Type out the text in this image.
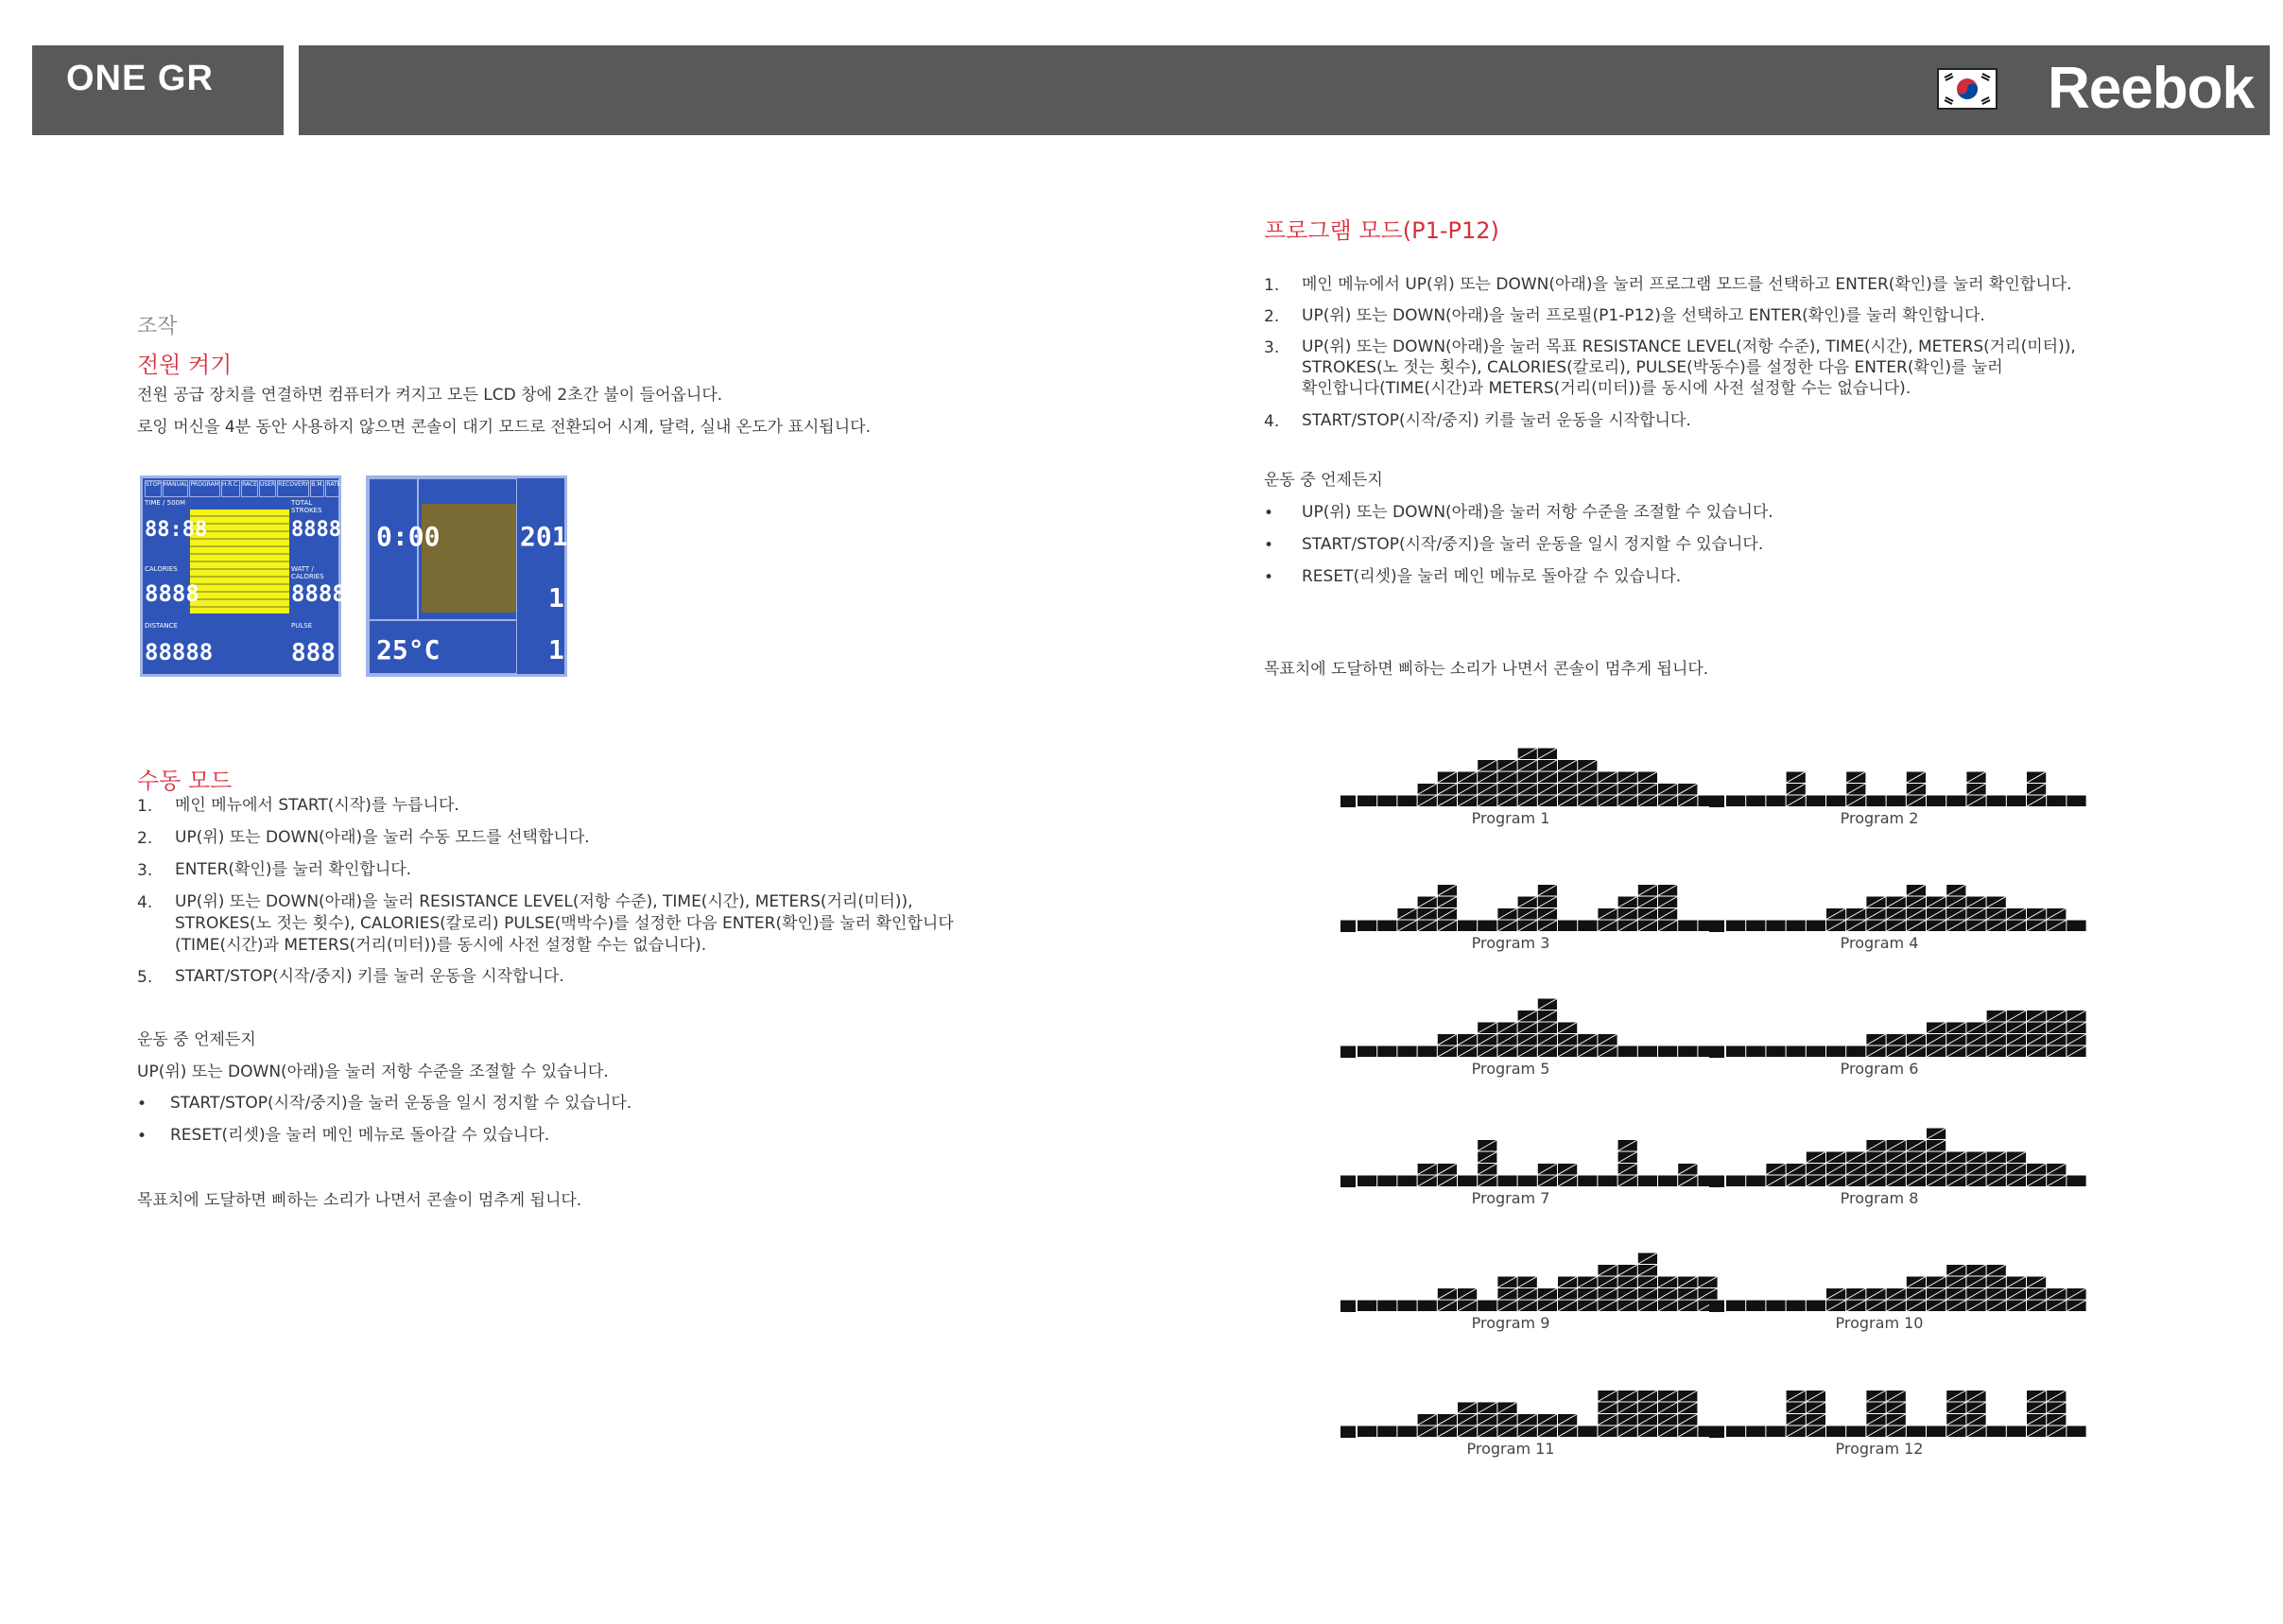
ONE GR	Reebok
조작
전원 켜기
전원 공급 장치를 연결하면 컴퓨터가 켜지고 모든 LCD 창에 2초간 불이 들어옵니다.
로잉 머신을 4분 동안 사용하지 않으면 콘솔이 대기 모드로 전환되어 시계, 달력, 실내 온도가 표시됩니다.
STOP MANUAL PROGRAM H.R.C. RACE USER RECOVERY B.M. RATE
TIME / 500M	TOTAL STROKES
CALORIES	WATT / CALORIES
DISTANCE	PULSE
88:88	88888
8888	8888
88888	888
0:00	2013
1
25°C	1
수동 모드
1. 메인 메뉴에서 START(시작)를 누릅니다.
2. UP(위) 또는 DOWN(아래)을 눌러 수동 모드를 선택합니다.
3. ENTER(확인)를 눌러 확인합니다.
4. UP(위) 또는 DOWN(아래)을 눌러 RESISTANCE LEVEL(저항 수준), TIME(시간), METERS(거리(미터)),
STROKES(노 젓는 횟수), CALORIES(칼로리) PULSE(맥박수)를 설정한 다음 ENTER(확인)를 눌러 확인합니다
(TIME(시간)과 METERS(거리(미터))를 동시에 사전 설정할 수는 없습니다).
5. START/STOP(시작/중지) 키를 눌러 운동을 시작합니다.
운동 중 언제든지
UP(위) 또는 DOWN(아래)을 눌러 저항 수준을 조절할 수 있습니다.
• START/STOP(시작/중지)을 눌러 운동을 일시 정지할 수 있습니다.
• RESET(리셋)을 눌러 메인 메뉴로 돌아갈 수 있습니다.
목표치에 도달하면 삐하는 소리가 나면서 콘솔이 멈추게 됩니다.
프로그램 모드(P1-P12)
1. 메인 메뉴에서 UP(위) 또는 DOWN(아래)을 눌러 프로그램 모드를 선택하고 ENTER(확인)를 눌러 확인합니다.
2. UP(위) 또는 DOWN(아래)을 눌러 프로필(P1-P12)을 선택하고 ENTER(확인)를 눌러 확인합니다.
3. UP(위) 또는 DOWN(아래)을 눌러 목표 RESISTANCE LEVEL(저항 수준), TIME(시간), METERS(거리(미터)),
STROKES(노 젓는 횟수), CALORIES(칼로리), PULSE(박동수)를 설정한 다음 ENTER(확인)를 눌러
확인합니다(TIME(시간)과 METERS(거리(미터))를 동시에 사전 설정할 수는 없습니다).
4. START/STOP(시작/중지) 키를 눌러 운동을 시작합니다.
운동 중 언제든지
• UP(위) 또는 DOWN(아래)을 눌러 저항 수준을 조절할 수 있습니다.
• START/STOP(시작/중지)을 눌러 운동을 일시 정지할 수 있습니다.
• RESET(리셋)을 눌러 메인 메뉴로 돌아갈 수 있습니다.
목표치에 도달하면 삐하는 소리가 나면서 콘솔이 멈추게 됩니다.
Program 1	Program 2
Program 3	Program 4
Program 5	Program 6
Program 7	Program 8
Program 9	Program 10
Program 11	Program 12
